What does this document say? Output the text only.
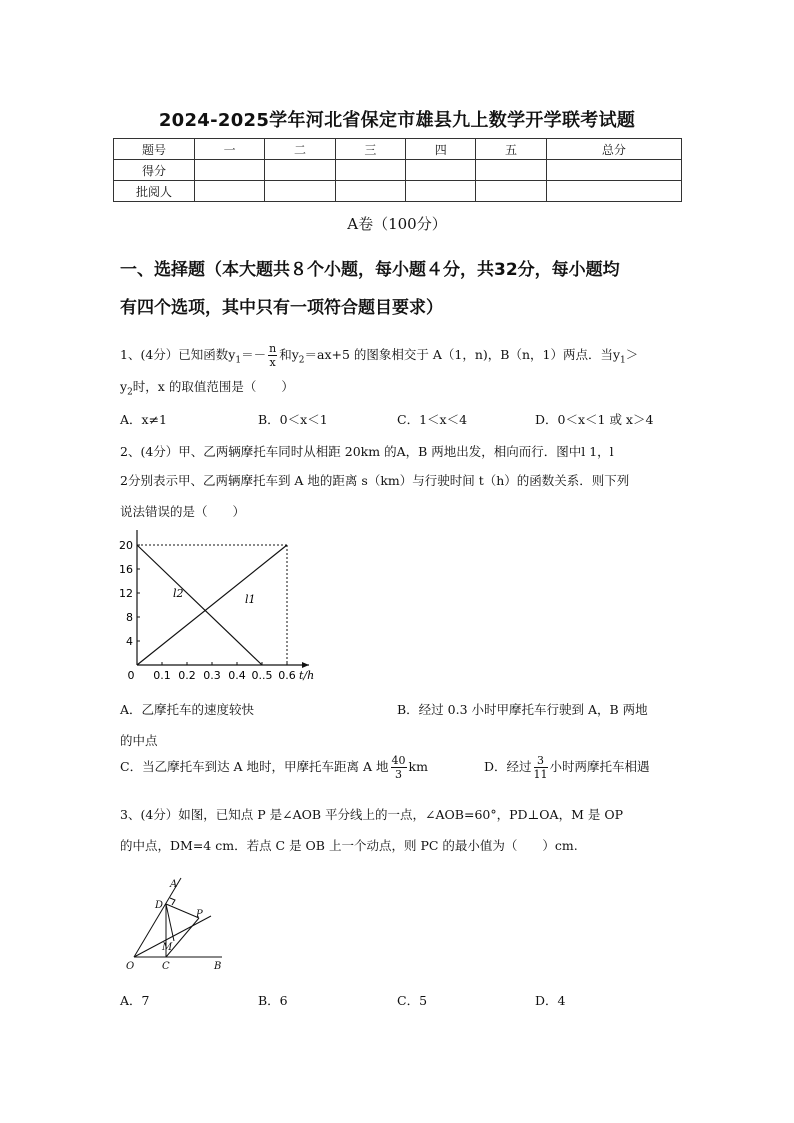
2024-2025学年河北省保定市雄县九上数学开学联考试题
题号	一	二	三	四	五	总分
得分						
批阅人						
A卷（100分）
一、选择题（本大题共８个小题，每小题４分，共32分，每小题均
有四个选项，其中只有一项符合题目要求）
1、(4分）已知函数$y_1=- \frac{n}{x}$ 和$y_2=ax+5$ 的图象相交于 A（1，n)，B（n，1）两点．当$y_1>$
$y_2$时，x 的取值范围是（　　）
A．x≠1	B．0＜x＜1	C．1＜x＜4	D．0＜x＜1 或 x＞4
2、(4分）甲、乙两辆摩托车同时从相距 20km 的A，B 两地出发，相向而行．图中l 1，l
2分别表示甲、乙两辆摩托车到 A 地的距离 s（km）与行驶时间 t（h）的函数关系．则下列
说法错误的是（　　）
0.1 0.2 0.3 0.4 0..5 0.6
4
8
12
16
20
0	t/h
l2	l1
A．乙摩托车的速度较快	B．经过 0.3 小时甲摩托车行驶到 A，B 两地
的中点
C．当乙摩托车到达 A 地时，甲摩托车距离 A 地 $\frac{40}{3}$ km	D．经过 $\frac{3}{11}$ 小时两摩托车相遇
3、(4分）如图，已知点 P 是∠AOB 平分线上的一点，∠AOB=60°，PD⊥OA，M 是 OP
的中点，DM=4 cm．若点 C 是 OB 上一个动点，则 PC 的最小值为（　　）cm.
A
D
P
M
O	C	B
A．7	B．6	C．5	D．4
